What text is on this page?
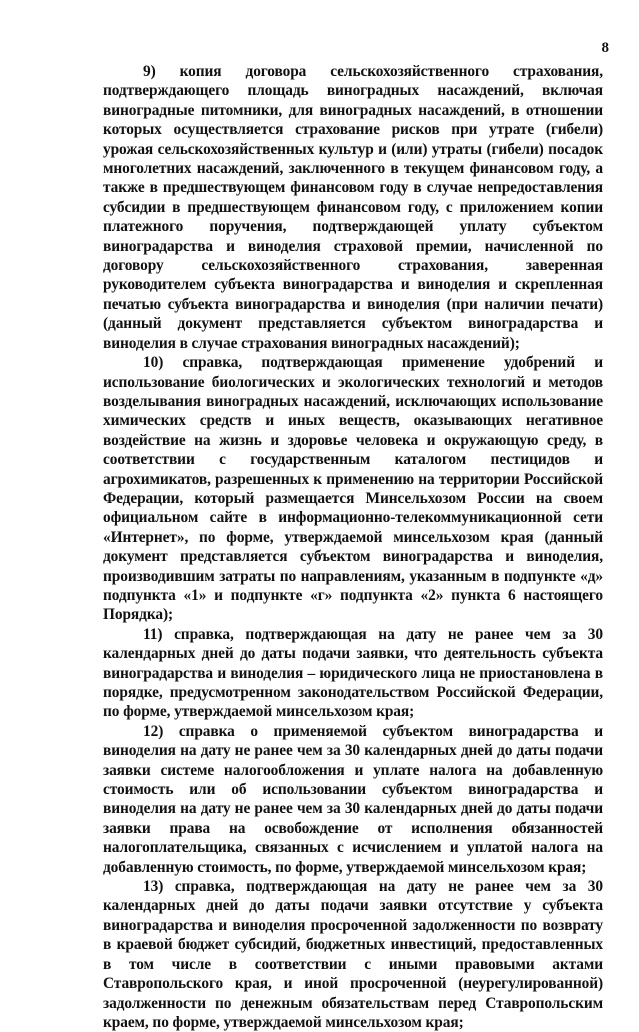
8

9) копия договора сельскохозяйственного страхования, подтверждающего площадь виноградных насаждений, включая виноградные питомники, для виноградных насаждений, в отношении которых осуществляется страхование рисков при утрате (гибели) урожая сельскохозяйственных культур и (или) утраты (гибели) посадок многолетних насаждений, заключенного в текущем финансовом году, а также в предшествующем финансовом году в случае непредоставления субсидии в предшествующем финансовом году, с приложением копии платежного поручения, подтверждающей уплату субъектом виноградарства и виноделия страховой премии, начисленной по договору сельскохозяйственного страхования, заверенная руководителем субъекта виноградарства и виноделия и скрепленная печатью субъекта виноградарства и виноделия (при наличии печати) (данный документ представляется субъектом виноградарства и виноделия в случае страхования виноградных насаждений);

10) справка, подтверждающая применение удобрений и использование биологических и экологических технологий и методов возделывания виноградных насаждений, исключающих использование химических средств и иных веществ, оказывающих негативное воздействие на жизнь и здоровье человека и окружающую среду, в соответствии с государственным каталогом пестицидов и агрохимикатов, разрешенных к применению на территории Российской Федерации, который размещается Минсельхозом России на своем официальном сайте в информационно-телекоммуникационной сети «Интернет», по форме, утверждаемой минсельхозом края (данный документ представляется субъектом виноградарства и виноделия, производившим затраты по направлениям, указанным в подпункте «д» подпункта «1» и подпункте «г» подпункта «2» пункта 6 настоящего Порядка);

11) справка, подтверждающая на дату не ранее чем за 30 календарных дней до даты подачи заявки, что деятельность субъекта виноградарства и виноделия – юридического лица не приостановлена в порядке, предусмотренном законодательством Российской Федерации, по форме, утверждаемой минсельхозом края;

12) справка о применяемой субъектом виноградарства и виноделия на дату не ранее чем за 30 календарных дней до даты подачи заявки системе налогообложения и уплате налога на добавленную стоимость или об использовании субъектом виноградарства и виноделия на дату не ранее чем за 30 календарных дней до даты подачи заявки права на освобождение от исполнения обязанностей налогоплательщика, связанных с исчислением и уплатой налога на добавленную стоимость, по форме, утверждаемой минсельхозом края;

13) справка, подтверждающая на дату не ранее чем за 30 календарных дней до даты подачи заявки отсутствие у субъекта виноградарства и виноделия просроченной задолженности по возврату в краевой бюджет субсидий, бюджетных инвестиций, предоставленных в том числе в соответствии с иными правовыми актами Ставропольского края, и иной просроченной (неурегулированной) задолженности по денежным обязательствам перед Ставропольским краем, по форме, утверждаемой минсельхозом края;
